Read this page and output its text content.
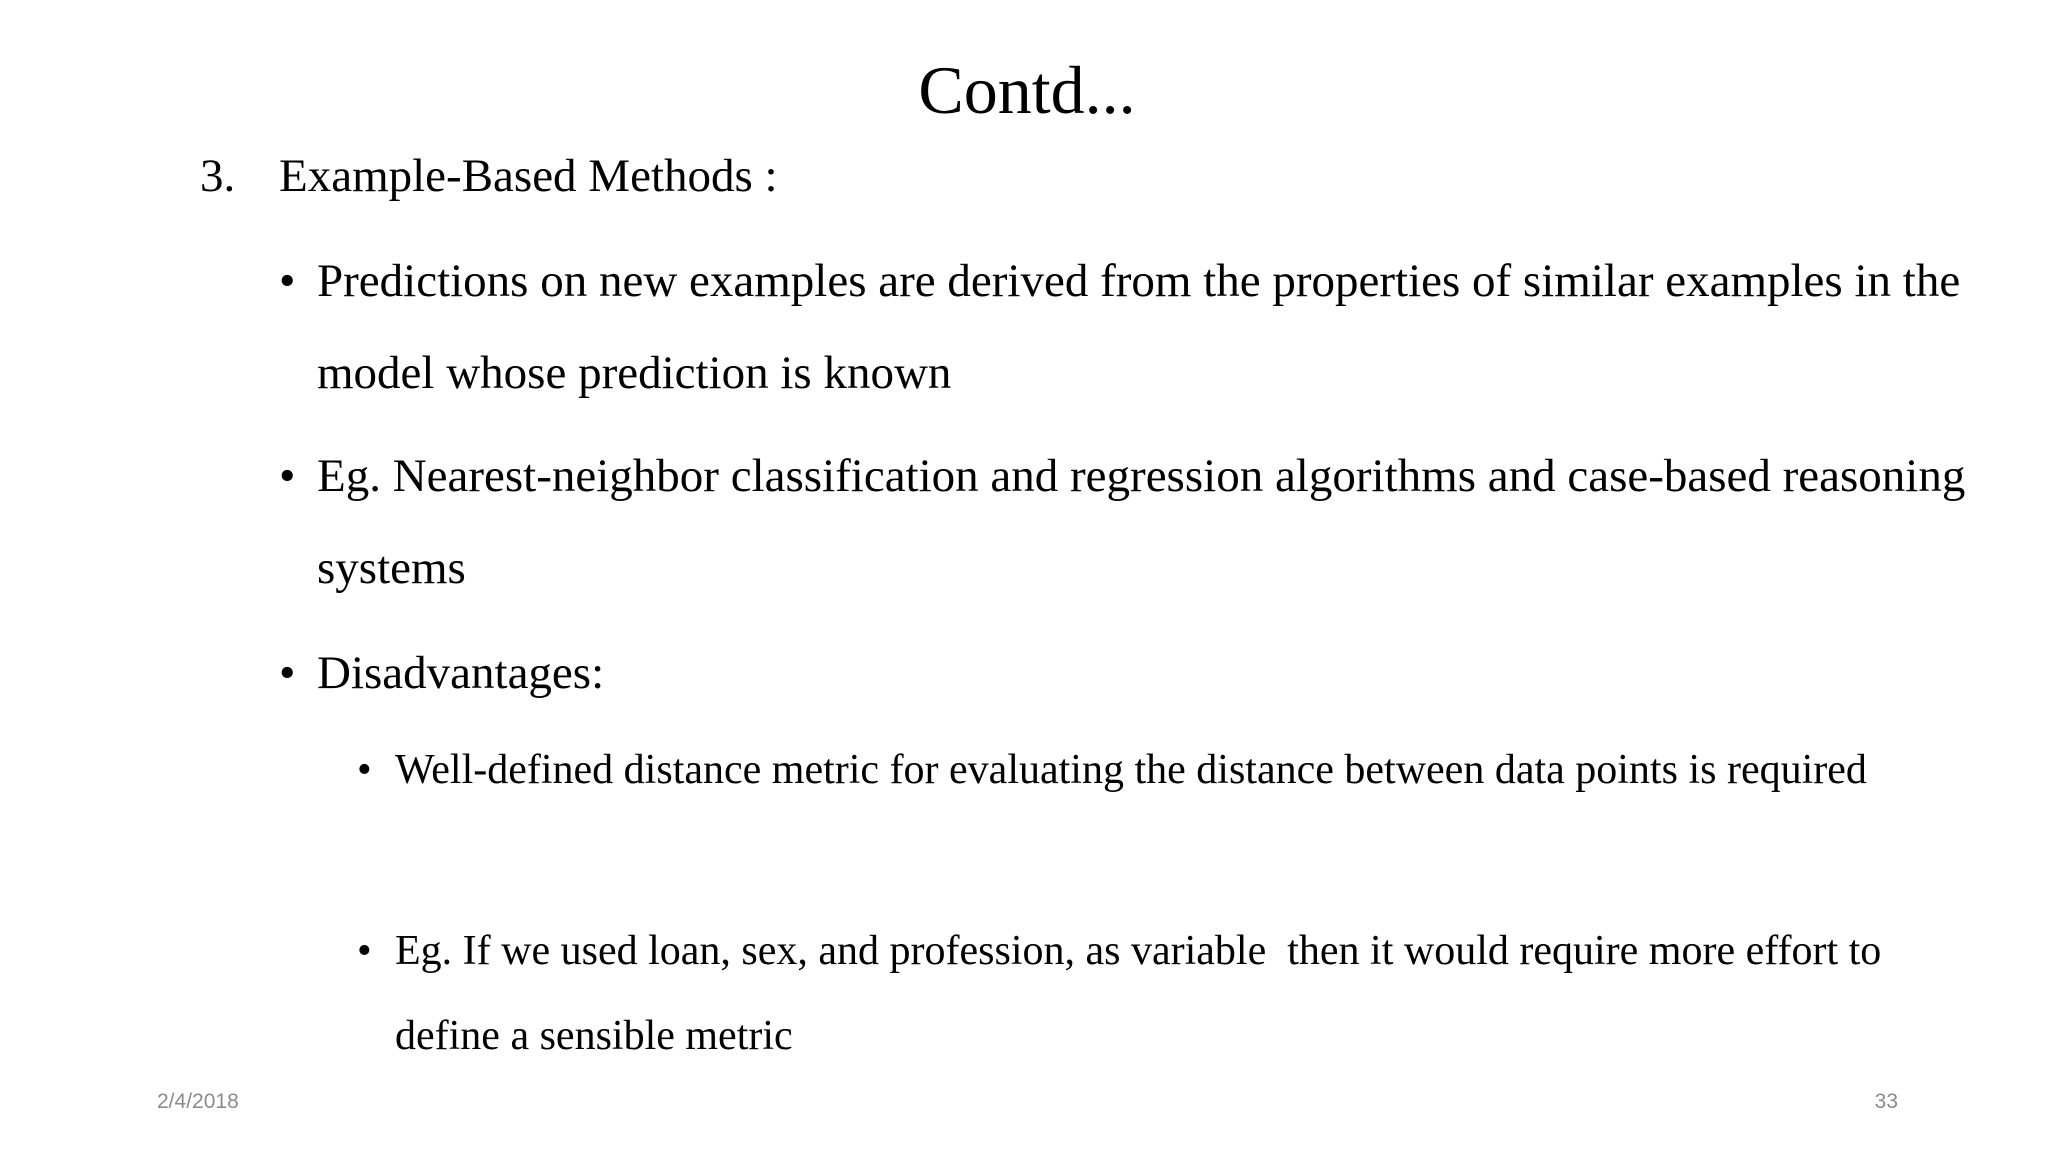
Contd...
3. Example-Based Methods :
• Predictions on new examples are derived from the properties of similar examples in the model whose prediction is known
• Eg. Nearest-neighbor classification and regression algorithms and case-based reasoning systems
• Disadvantages:
• Well-defined distance metric for evaluating the distance between data points is required
• Eg. If we used loan, sex, and profession, as variable  then it would require more effort to define a sensible metric
2/4/2018	33
